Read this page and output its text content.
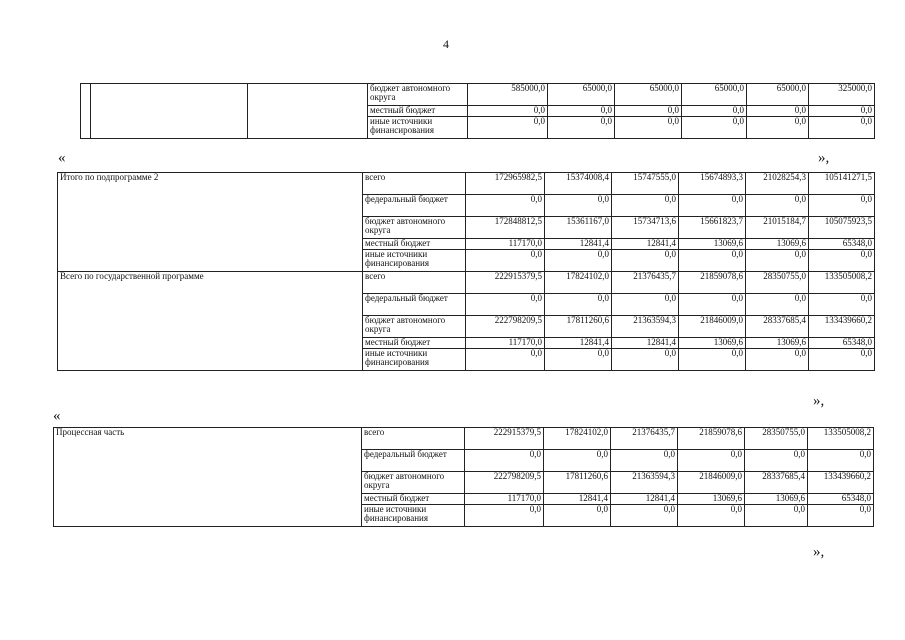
4
			бюджет автономного округа	585000,0	65000,0	65000,0	65000,0	65000,0	325000,0
			местный бюджет	0,0	0,0	0,0	0,0	0,0	0,0
			иные источники финансирования	0,0	0,0	0,0	0,0	0,0	0,0
«	»,
Итого по подпрограмме 2	всего	172965982,5	15374008,4	15747555,0	15674893,3	21028254,3	105141271,5
	федеральный бюджет	0,0	0,0	0,0	0,0	0,0	0,0
	бюджет автономного округа	172848812,5	15361167,0	15734713,6	15661823,7	21015184,7	105075923,5
	местный бюджет	117170,0	12841,4	12841,4	13069,6	13069,6	65348,0
	иные источники финансирования	0,0	0,0	0,0	0,0	0,0	0,0
Всего по государственной программе	всего	222915379,5	17824102,0	21376435,7	21859078,6	28350755,0	133505008,2
	федеральный бюджет	0,0	0,0	0,0	0,0	0,0	0,0
	бюджет автономного округа	222798209,5	17811260,6	21363594,3	21846009,0	28337685,4	133439660,2
	местный бюджет	117170,0	12841,4	12841,4	13069,6	13069,6	65348,0
	иные источники финансирования	0,0	0,0	0,0	0,0	0,0	0,0
»,
«
Процессная часть	всего	222915379,5	17824102,0	21376435,7	21859078,6	28350755,0	133505008,2
	федеральный бюджет	0,0	0,0	0,0	0,0	0,0	0,0
	бюджет автономного округа	222798209,5	17811260,6	21363594,3	21846009,0	28337685,4	133439660,2
	местный бюджет	117170,0	12841,4	12841,4	13069,6	13069,6	65348,0
	иные источники финансирования	0,0	0,0	0,0	0,0	0,0	0,0
»,
